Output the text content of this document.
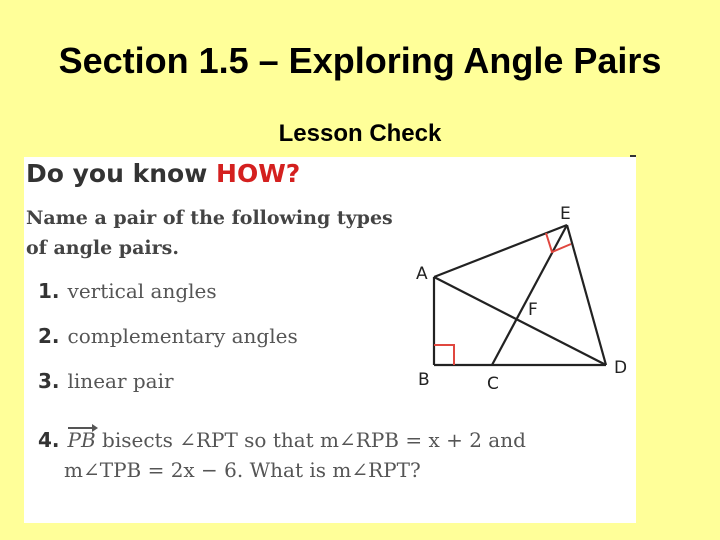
Section 1.5 – Exploring Angle Pairs
Lesson Check
Do you know HOW?
Name a pair of the following types
of angle pairs.
1. vertical angles
2. complementary angles
3. linear pair
4. PB bisects ∠RPT so that m∠RPB = x + 2 and
m∠TPB = 2x − 6. What is m∠RPT?
A
B	C
D
E
F
